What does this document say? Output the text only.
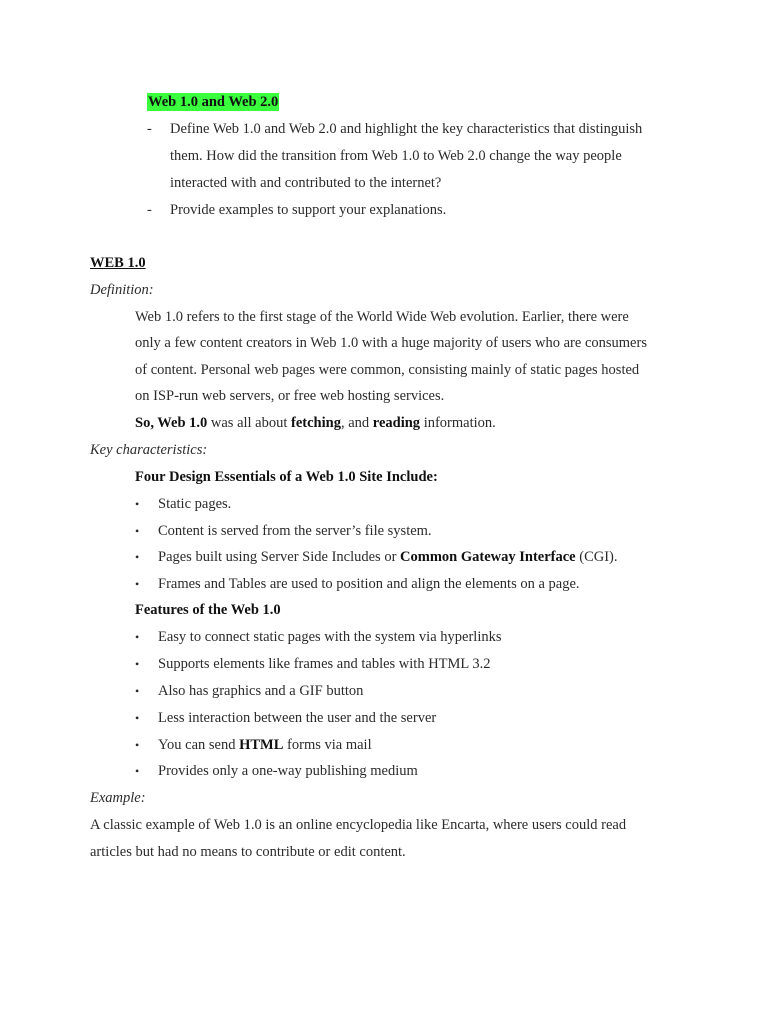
Web 1.0 and Web 2.0
- Define Web 1.0 and Web 2.0 and highlight the key characteristics that distinguish
them. How did the transition from Web 1.0 to Web 2.0 change the way people
interacted with and contributed to the internet?
- Provide examples to support your explanations.
WEB 1.0
Definition:
Web 1.0 refers to the first stage of the World Wide Web evolution. Earlier, there were
only a few content creators in Web 1.0 with a huge majority of users who are consumers
of content. Personal web pages were common, consisting mainly of static pages hosted
on ISP-run web servers, or free web hosting services.
So, Web 1.0 was all about fetching, and reading information.
Key characteristics:
Four Design Essentials of a Web 1.0 Site Include:
• Static pages.
• Content is served from the server’s file system.
• Pages built using Server Side Includes or Common Gateway Interface (CGI).
• Frames and Tables are used to position and align the elements on a page.
Features of the Web 1.0
• Easy to connect static pages with the system via hyperlinks
• Supports elements like frames and tables with HTML 3.2
• Also has graphics and a GIF button
• Less interaction between the user and the server
• You can send HTML forms via mail
• Provides only a one-way publishing medium
Example:
A classic example of Web 1.0 is an online encyclopedia like Encarta, where users could read
articles but had no means to contribute or edit content.
